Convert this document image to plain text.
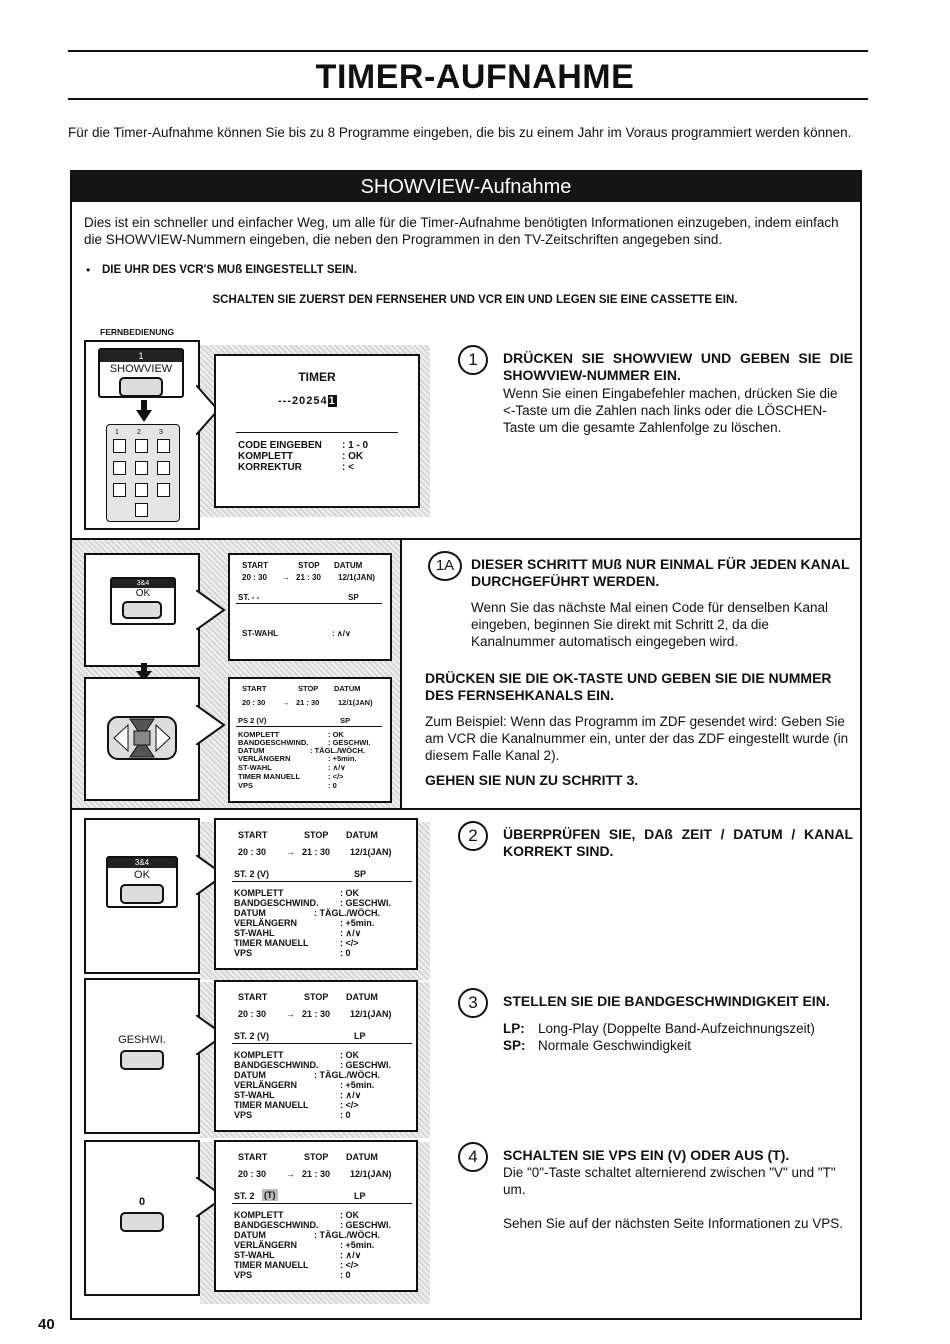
TIMER-AUFNAHME
Für die Timer-Aufnahme können Sie bis zu 8 Programme eingeben, die bis zu einem Jahr im Voraus programmiert werden können.
SHOWVIEW-Aufnahme
Dies ist ein schneller und einfacher Weg, um alle für die Timer-Aufnahme benötigten Informationen einzugeben, indem einfach die SHOWVIEW-Nummern eingeben, die neben den Programmen in den TV-Zeitschriften angegeben sind.
• DIE UHR DES VCR'S MUß EINGESTELLT SEIN.
SCHALTEN SIE ZUERST DEN FERNSEHER UND VCR EIN UND LEGEN SIE EINE CASSETTE EIN.
FERNBEDIENUNG
1
SHOWVIEW
1	2	3
TIMER
---202541
CODE EINGEBEN : 1 - 0
KOMPLETT	: OK
KORREKTUR	: <
1	DRÜCKEN SIE SHOWVIEW UND GEBEN SIE DIE SHOWVIEW-NUMMER EIN.
Wenn Sie einen Eingabefehler machen, drücken Sie die <-Taste um die Zahlen nach links oder die LÖSCHEN-Taste um die gesamte Zahlenfolge zu löschen.
3&4
OK
START	STOP DATUM
20 : 30 → 21 : 30 12/1(JAN)
ST. - -	SP
ST-WAHL	: ∧/∨
START	STOP DATUM
20 : 30 → 21 : 30 12/1(JAN)
PS 2 (V)	SP
KOMPLETT	: OK
BANDGESCHWIND.	: GESCHWI.
DATUM	: TÄGL./WÖCH.
VERLÄNGERN	: +5min.
ST-WAHL	: ∧/∨
TIMER MANUELL	: </>
VPS	: 0
1A	DIESER SCHRITT MUß NUR EINMAL FÜR JEDEN KANAL DURCHGEFÜHRT WERDEN.
Wenn Sie das nächste Mal einen Code für denselben Kanal eingeben, beginnen Sie direkt mit Schritt 2, da die Kanalnummer automatisch eingegeben wird.
DRÜCKEN SIE DIE OK-TASTE UND GEBEN SIE DIE NUMMER DES FERNSEHKANALS EIN.
Zum Beispiel: Wenn das Programm im ZDF gesendet wird: Geben Sie am VCR die Kanalnummer ein, unter der das ZDF eingestellt wurde (in diesem Falle Kanal 2).
GEHEN SIE NUN ZU SCHRITT 3.
3&4
OK
START	STOP DATUM
20 : 30 → 21 : 30 12/1(JAN)
ST. 2 (V)	SP
KOMPLETT	: OK
BANDGESCHWIND. : GESCHWI.
DATUM	: TÄGL./WÖCH.
VERLÄNGERN	: +5min.
ST-WAHL	: ∧/∨
TIMER MANUELL	: </>
VPS	: 0
2	ÜBERPRÜFEN SIE, DAß ZEIT / DATUM / KANAL KORREKT SIND.
GESHWI.
START	STOP DATUM
20 : 30 → 21 : 30 12/1(JAN)
ST. 2 (V)	LP
KOMPLETT	: OK
BANDGESCHWIND. : GESCHWI.
DATUM	: TÄGL./WÖCH.
VERLÄNGERN	: +5min.
ST-WAHL	: ∧/∨
TIMER MANUELL	: </>
VPS	: 0
3	STELLEN SIE DIE BANDGESCHWINDIGKEIT EIN.
LP: Long-Play (Doppelte Band-Aufzeichnungszeit)
SP: Normale Geschwindigkeit
0
START	STOP DATUM
20 : 30 → 21 : 30 12/1(JAN)
ST. 2 (T)	LP
KOMPLETT	: OK
BANDGESCHWIND. : GESCHWI.
DATUM	: TÄGL./WÖCH.
VERLÄNGERN	: +5min.
ST-WAHL	: ∧/∨
TIMER MANUELL	: </>
VPS	: 0
4	SCHALTEN SIE VPS EIN (V) ODER AUS (T).
Die "0"-Taste schaltet alternierend zwischen "V" und "T" um.
Sehen Sie auf der nächsten Seite Informationen zu VPS.
40
